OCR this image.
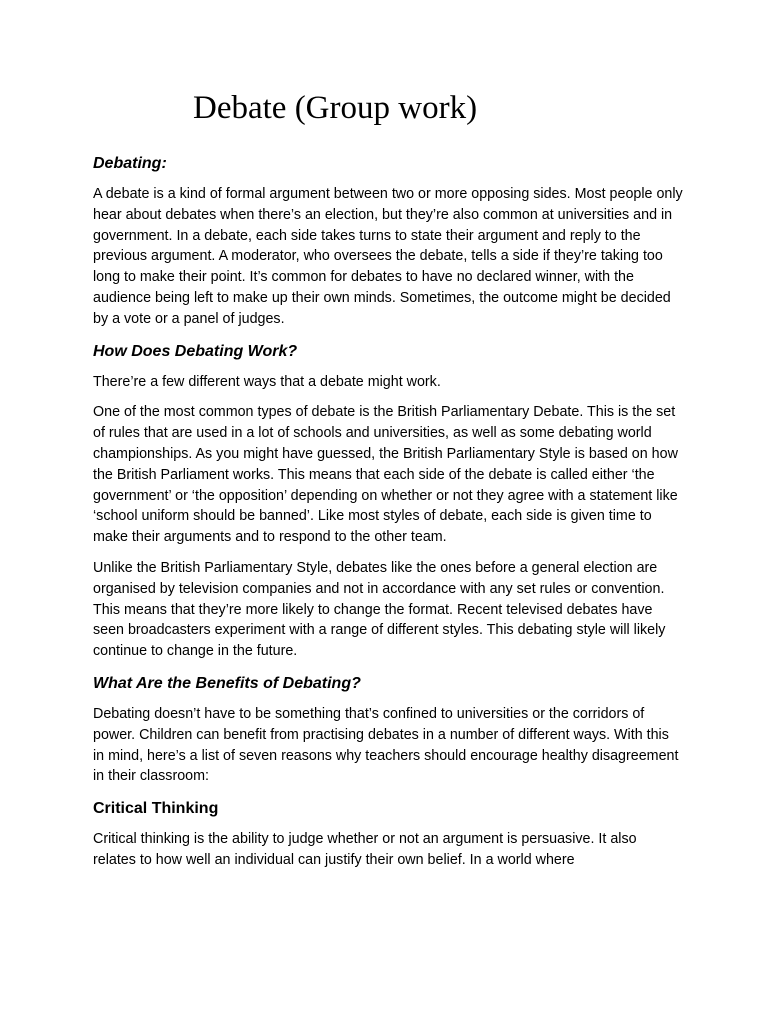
Debate (Group work)
Debating:

A debate is a kind of formal argument between two or more opposing sides. Most people only hear about debates when there’s an election, but they’re also common at universities and in government. In a debate, each side takes turns to state their argument and reply to the previous argument. A moderator, who oversees the debate, tells a side if they’re taking too long to make their point. It’s common for debates to have no declared winner, with the audience being left to make up their own minds. Sometimes, the outcome might be decided by a vote or a panel of judges.

How Does Debating Work?

There’re a few different ways that a debate might work.

One of the most common types of debate is the British Parliamentary Debate. This is the set of rules that are used in a lot of schools and universities, as well as some debating world championships. As you might have guessed, the British Parliamentary Style is based on how the British Parliament works. This means that each side of the debate is called either ‘the government’ or ‘the opposition’ depending on whether or not they agree with a statement like ‘school uniform should be banned’. Like most styles of debate, each side is given time to make their arguments and to respond to the other team.

Unlike the British Parliamentary Style, debates like the ones before a general election are organised by television companies and not in accordance with any set rules or convention. This means that they’re more likely to change the format. Recent televised debates have seen broadcasters experiment with a range of different styles. This debating style will likely continue to change in the future.

What Are the Benefits of Debating?

Debating doesn’t have to be something that’s confined to universities or the corridors of power. Children can benefit from practising debates in a number of different ways. With this in mind, here’s a list of seven reasons why teachers should encourage healthy disagreement in their classroom:

Critical Thinking

Critical thinking is the ability to judge whether or not an argument is persuasive. It also relates to how well an individual can justify their own belief. In a world where
